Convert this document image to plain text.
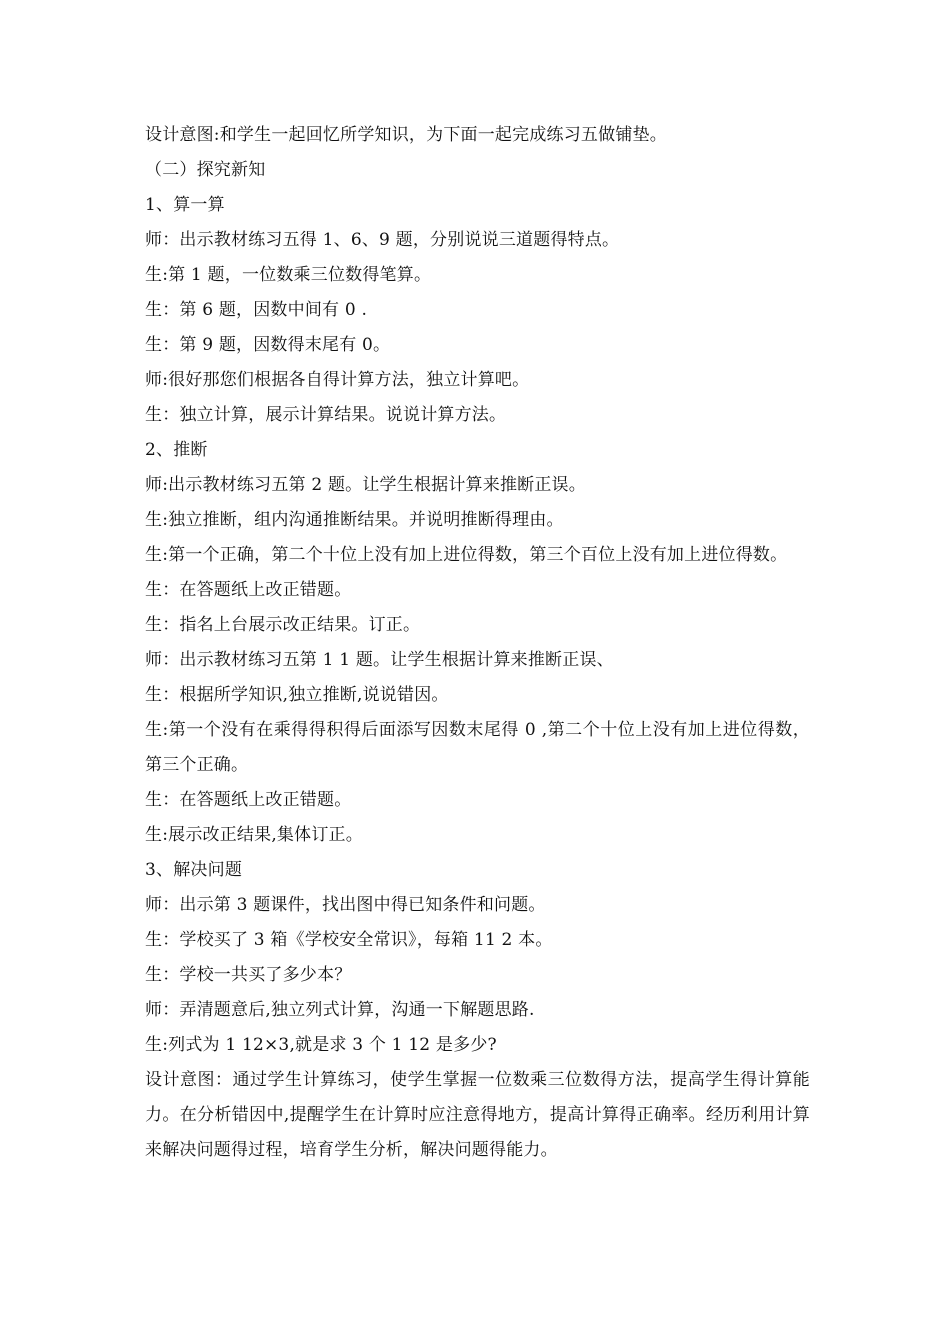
设计意图:和学生一起回忆所学知识，为下面一起完成练习五做铺垫。

（二）探究新知

1、算一算

师：出示教材练习五得 1、6、9 题，分别说说三道题得特点。

生:第 1 题，一位数乘三位数得笔算。

生：第 6 题，因数中间有 0 .

生：第 9 题，因数得末尾有 0。

师:很好那您们根据各自得计算方法，独立计算吧。

生：独立计算，展示计算结果。说说计算方法。

2、推断

师:出示教材练习五第 2 题。让学生根据计算来推断正误。

生:独立推断，组内沟通推断结果。并说明推断得理由。

生:第一个正确，第二个十位上没有加上进位得数，第三个百位上没有加上进位得数。

生：在答题纸上改正错题。

生：指名上台展示改正结果。订正。

师：出示教材练习五第 1 1 题。让学生根据计算来推断正误、

生：根据所学知识,独立推断,说说错因。

生:第一个没有在乘得得积得后面添写因数末尾得 0 ,第二个十位上没有加上进位得数，第三个正确。

生：在答题纸上改正错题。

生:展示改正结果,集体订正。

3、解决问题

师：出示第 3 题课件，找出图中得已知条件和问题。

生：学校买了 3 箱《学校安全常识》，每箱 11 2 本。

生：学校一共买了多少本？

师：弄清题意后,独立列式计算，沟通一下解题思路.

生:列式为 1 12×3,就是求 3 个 1 12 是多少?

设计意图：通过学生计算练习，使学生掌握一位数乘三位数得方法，提高学生得计算能力。在分析错因中,提醒学生在计算时应注意得地方，提高计算得正确率。经历利用计算来解决问题得过程，培育学生分析，解决问题得能力。
